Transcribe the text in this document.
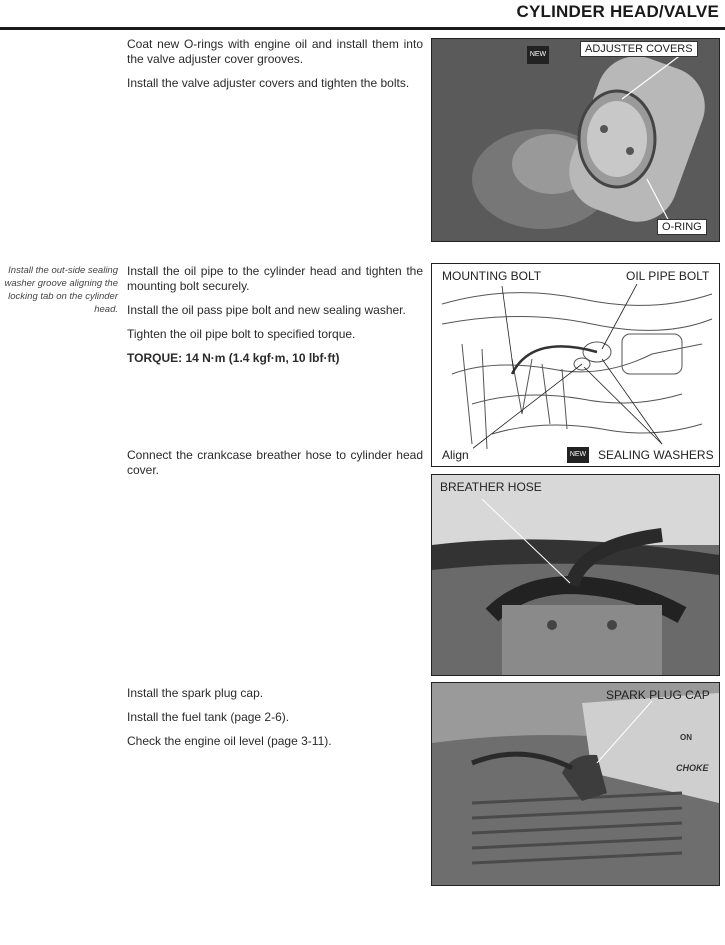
CYLINDER HEAD/VALVE

Coat new O-rings with engine oil and install them into the valve adjuster cover grooves.

Install the valve adjuster covers and tighten the bolts.

ADJUSTER COVERS
O-RING
NEW
Install the out-side sealing washer groove aligning the locking tab on the cylinder head.

Install the oil pipe to the cylinder head and tighten the mounting bolt securely.

Install the oil pass pipe bolt and new sealing washer.

Tighten the oil pipe bolt to specified torque.

TORQUE: 14 N·m (1.4 kgf·m, 10 lbf·ft)

MOUNTING BOLT	OIL PIPE BOLT
Align	SEALING WASHERS
NEW

Connect the crankcase breather hose to cylinder head cover.

BREATHER HOSE

Install the spark plug cap.

Install the fuel tank (page 2-6).

Check the engine oil level (page 3-11).

SPARK PLUG CAP
ON
CHOKE
